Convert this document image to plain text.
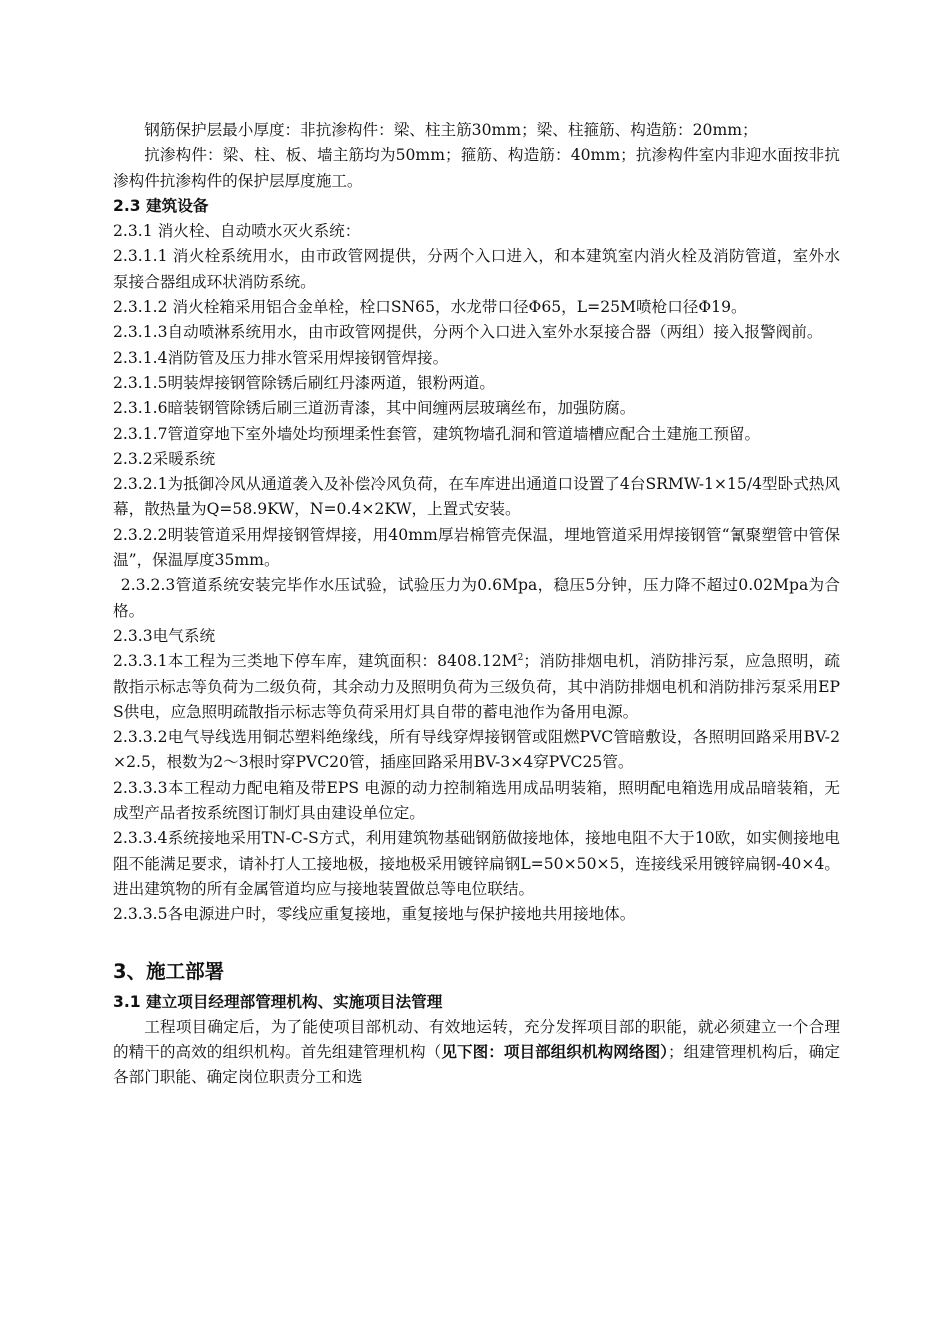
钢筋保护层最小厚度：非抗渗构件：梁、柱主筋30mm；梁、柱箍筋、构造筋：20mm；

抗渗构件：梁、柱、板、墙主筋均为50mm；箍筋、构造筋：40mm；抗渗构件室内非迎水面按非抗渗构件抗渗构件的保护层厚度施工。

2.3 建筑设备

2.3.1 消火栓、自动喷水灭火系统：

2.3.1.1 消火栓系统用水，由市政管网提供，分两个入口进入，和本建筑室内消火栓及消防管道，室外水泵接合器组成环状消防系统。

2.3.1.2 消火栓箱采用铝合金单栓，栓口SN65，水龙带口径Φ65，L=25M喷枪口径Φ19。

2.3.1.3自动喷淋系统用水，由市政管网提供，分两个入口进入室外水泵接合器（两组）接入报警阀前。

2.3.1.4消防管及压力排水管采用焊接钢管焊接。

2.3.1.5明装焊接钢管除锈后刷红丹漆两道，银粉两道。

2.3.1.6暗装钢管除锈后刷三道沥青漆，其中间缠两层玻璃丝布，加强防腐。

2.3.1.7管道穿地下室外墙处均预埋柔性套管，建筑物墙孔洞和管道墙槽应配合土建施工预留。

2.3.2采暖系统

2.3.2.1为抵御冷风从通道袭入及补偿冷风负荷，在车库进出通道口设置了4台SRMW-1×15/4型卧式热风幕，散热量为Q=58.9KW，N=0.4×2KW，上置式安装。

2.3.2.2明装管道采用焊接钢管焊接，用40mm厚岩棉管壳保温，埋地管道采用焊接钢管“氰聚塑管中管保温”，保温厚度35mm。

2.3.2.3管道系统安装完毕作水压试验，试验压力为0.6Mpa，稳压5分钟，压力降不超过0.02Mpa为合格。

2.3.3电气系统

2.3.3.1本工程为三类地下停车库，建筑面积：$8408.12M^2$；消防排烟电机，消防排污泵，应急照明，疏散指示标志等负荷为二级负荷，其余动力及照明负荷为三级负荷，其中消防排烟电机和消防排污泵采用EPS供电，应急照明疏散指示标志等负荷采用灯具自带的蓄电池作为备用电源。

2.3.3.2电气导线选用铜芯塑料绝缘线，所有导线穿焊接钢管或阻燃PVC管暗敷设，各照明回路采用BV-2×2.5，根数为2～3根时穿PVC20管，插座回路采用BV-3×4穿PVC25管。

2.3.3.3本工程动力配电箱及带EPS 电源的动力控制箱选用成品明装箱，照明配电箱选用成品暗装箱，无成型产品者按系统图订制灯具由建设单位定。

2.3.3.4系统接地采用TN-C-S方式，利用建筑物基础钢筋做接地体，接地电阻不大于10欧，如实侧接地电阻不能满足要求，请补打人工接地极，接地极采用镀锌扁钢L=50×50×5，连接线采用镀锌扁钢-40×4。进出建筑物的所有金属管道均应与接地装置做总等电位联结。

2.3.3.5各电源进户时，零线应重复接地，重复接地与保护接地共用接地体。

3、施工部署

3.1 建立项目经理部管理机构、实施项目法管理

工程项目确定后，为了能使项目部机动、有效地运转，充分发挥项目部的职能，就必须建立一个合理的精干的高效的组织机构。首先组建管理机构（见下图：项目部组织机构网络图）；组建管理机构后，确定各部门职能、确定岗位职责分工和选
